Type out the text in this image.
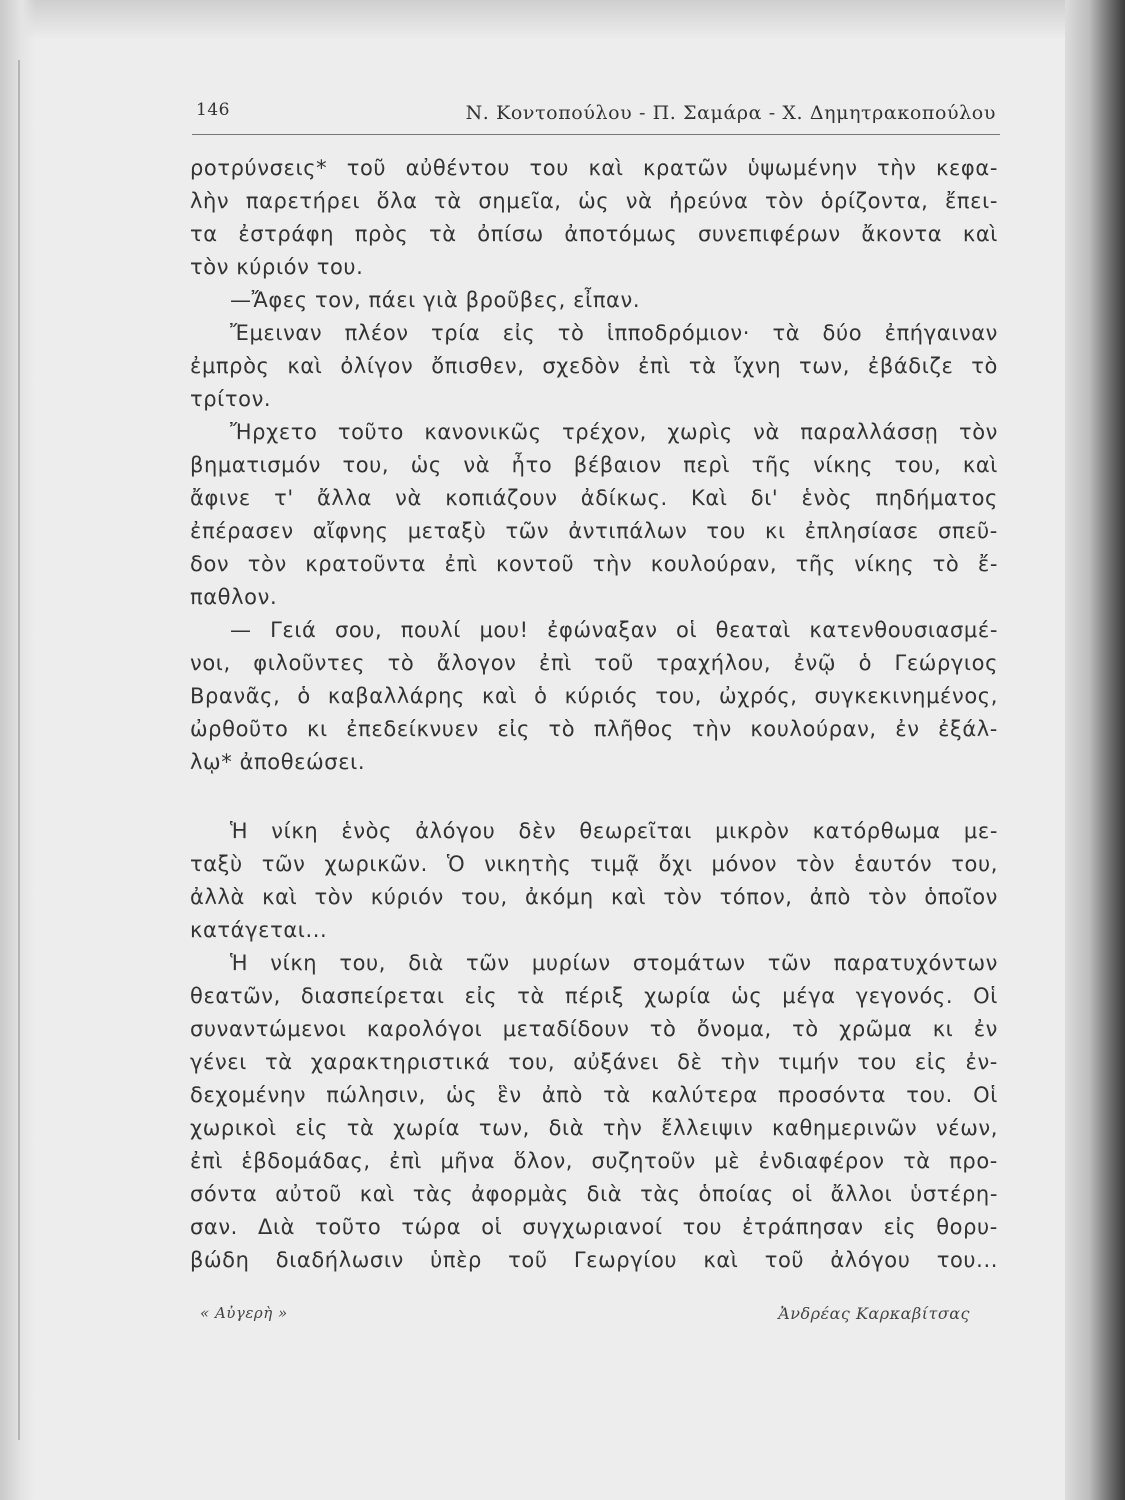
146	Ν. Κοντοπούλου - Π. Σαμάρα - Χ. Δημητρακοπούλου
ροτρύνσεις* τοῦ αὐθέντου του καὶ κρατῶν ὑψωμένην τὴν κεφα-
λὴν παρετήρει ὅλα τὰ σημεῖα, ὡς νὰ ἠρεύνα τὸν ὁρίζοντα, ἔπει-
τα ἐστράφη πρὸς τὰ ὀπίσω ἀποτόμως συνεπιφέρων ἄκοντα καὶ
τὸν κύριόν του.
—Ἄφες τον, πάει γιὰ βροῦβες, εἶπαν.
Ἔμειναν πλέον τρία εἰς τὸ ἱπποδρόμιον· τὰ δύο ἐπήγαιναν
ἐμπρὸς καὶ ὀλίγον ὄπισθεν, σχεδὸν ἐπὶ τὰ ἴχνη των, ἐβάδιζε τὸ
τρίτον.
Ἤρχετο τοῦτο κανονικῶς τρέχον, χωρὶς νὰ παραλλάσσῃ τὸν
βηματισμόν του, ὡς νὰ ἦτο βέβαιον περὶ τῆς νίκης του, καὶ
ἄφινε τ' ἄλλα νὰ κοπιάζουν ἀδίκως. Καὶ δι' ἑνὸς πηδήματος
ἐπέρασεν αἴφνης μεταξὺ τῶν ἀντιπάλων του κι ἐπλησίασε σπεῦ-
δον τὸν κρατοῦντα ἐπὶ κοντοῦ τὴν κουλούραν, τῆς νίκης τὸ ἔ-
παθλον.
— Γειά σου, πουλί μου! ἐφώναξαν οἱ θεαταὶ κατενθουσιασμέ-
νοι, φιλοῦντες τὸ ἄλογον ἐπὶ τοῦ τραχήλου, ἐνῷ ὁ Γεώργιος
Βρανᾶς, ὁ καβαλλάρης καὶ ὁ κύριός του, ὠχρός, συγκεκινημένος,
ὠρθοῦτο κι ἐπεδείκνυεν εἰς τὸ πλῆθος τὴν κουλούραν, ἐν ἐξάλ-
λῳ* ἀποθεώσει.
Ἡ νίκη ἑνὸς ἀλόγου δὲν θεωρεῖται μικρὸν κατόρθωμα με-
ταξὺ τῶν χωρικῶν. Ὁ νικητὴς τιμᾷ ὄχι μόνον τὸν ἑαυτόν του,
ἀλλὰ καὶ τὸν κύριόν του, ἀκόμη καὶ τὸν τόπον, ἀπὸ τὸν ὁποῖον
κατάγεται...
Ἡ νίκη του, διὰ τῶν μυρίων στομάτων τῶν παρατυχόντων
θεατῶν, διασπείρεται εἰς τὰ πέριξ χωρία ὡς μέγα γεγονός. Οἱ
συναντώμενοι καρολόγοι μεταδίδουν τὸ ὄνομα, τὸ χρῶμα κι ἐν
γένει τὰ χαρακτηριστικά του, αὐξάνει δὲ τὴν τιμήν του εἰς ἐν-
δεχομένην πώλησιν, ὡς ἓν ἀπὸ τὰ καλύτερα προσόντα του. Οἱ
χωρικοὶ εἰς τὰ χωρία των, διὰ τὴν ἔλλειψιν καθημερινῶν νέων,
ἐπὶ ἑβδομάδας, ἐπὶ μῆνα ὅλον, συζητοῦν μὲ ἐνδιαφέρον τὰ προ-
σόντα αὐτοῦ καὶ τὰς ἀφορμὰς διὰ τὰς ὁποίας οἱ ἄλλοι ὑστέρη-
σαν. Διὰ τοῦτο τώρα οἱ συγχωριανοί του ἐτράπησαν εἰς θορυ-
βώδη διαδήλωσιν ὑπὲρ τοῦ Γεωργίου καὶ τοῦ ἀλόγου του...
« Αὐγερὴ »	Ἀνδρέας Καρκαβίτσας
